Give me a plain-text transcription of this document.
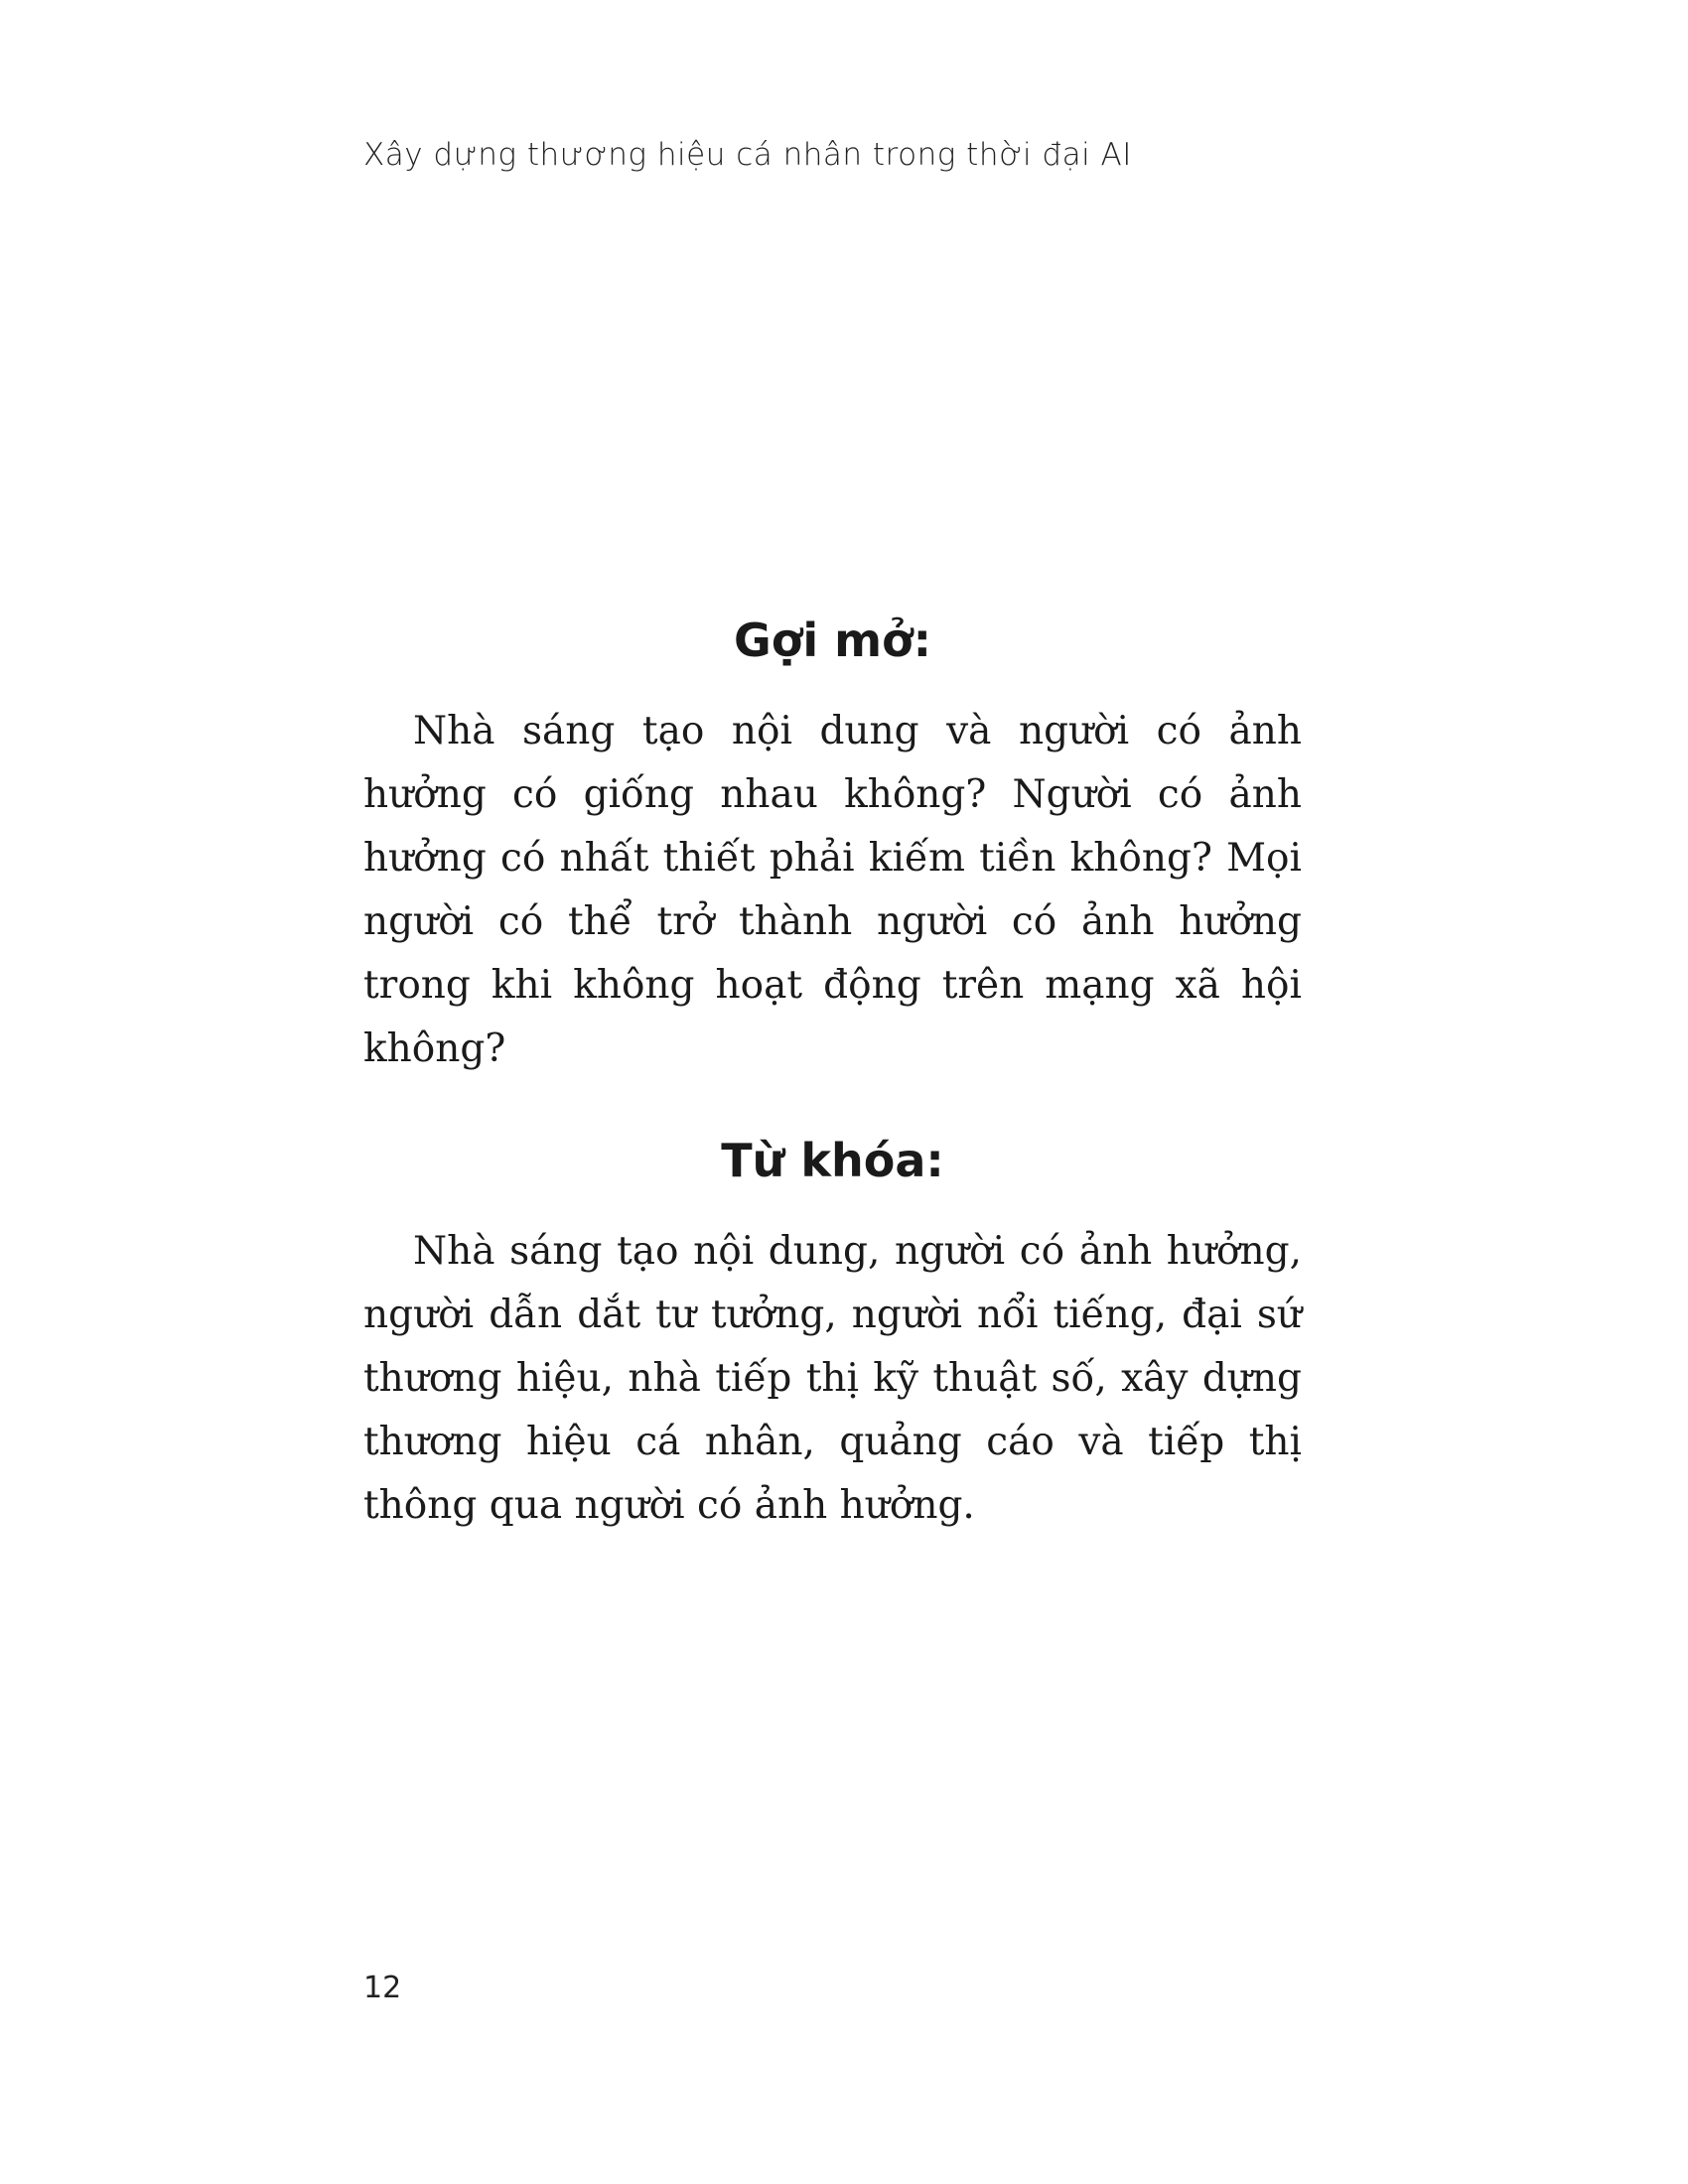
Xây dựng thương hiệu cá nhân trong thời đại AI
Gợi mở:

Nhà sáng tạo nội dung và người có ảnh hưởng có giống nhau không? Người có ảnh hưởng có nhất thiết phải kiếm tiền không? Mọi người có thể trở thành người có ảnh hưởng trong khi không hoạt động trên mạng xã hội không?

Từ khóa:

Nhà sáng tạo nội dung, người có ảnh hưởng, người dẫn dắt tư tưởng, người nổi tiếng, đại sứ thương hiệu, nhà tiếp thị kỹ thuật số, xây dựng thương hiệu cá nhân, quảng cáo và tiếp thị thông qua người có ảnh hưởng.

12
